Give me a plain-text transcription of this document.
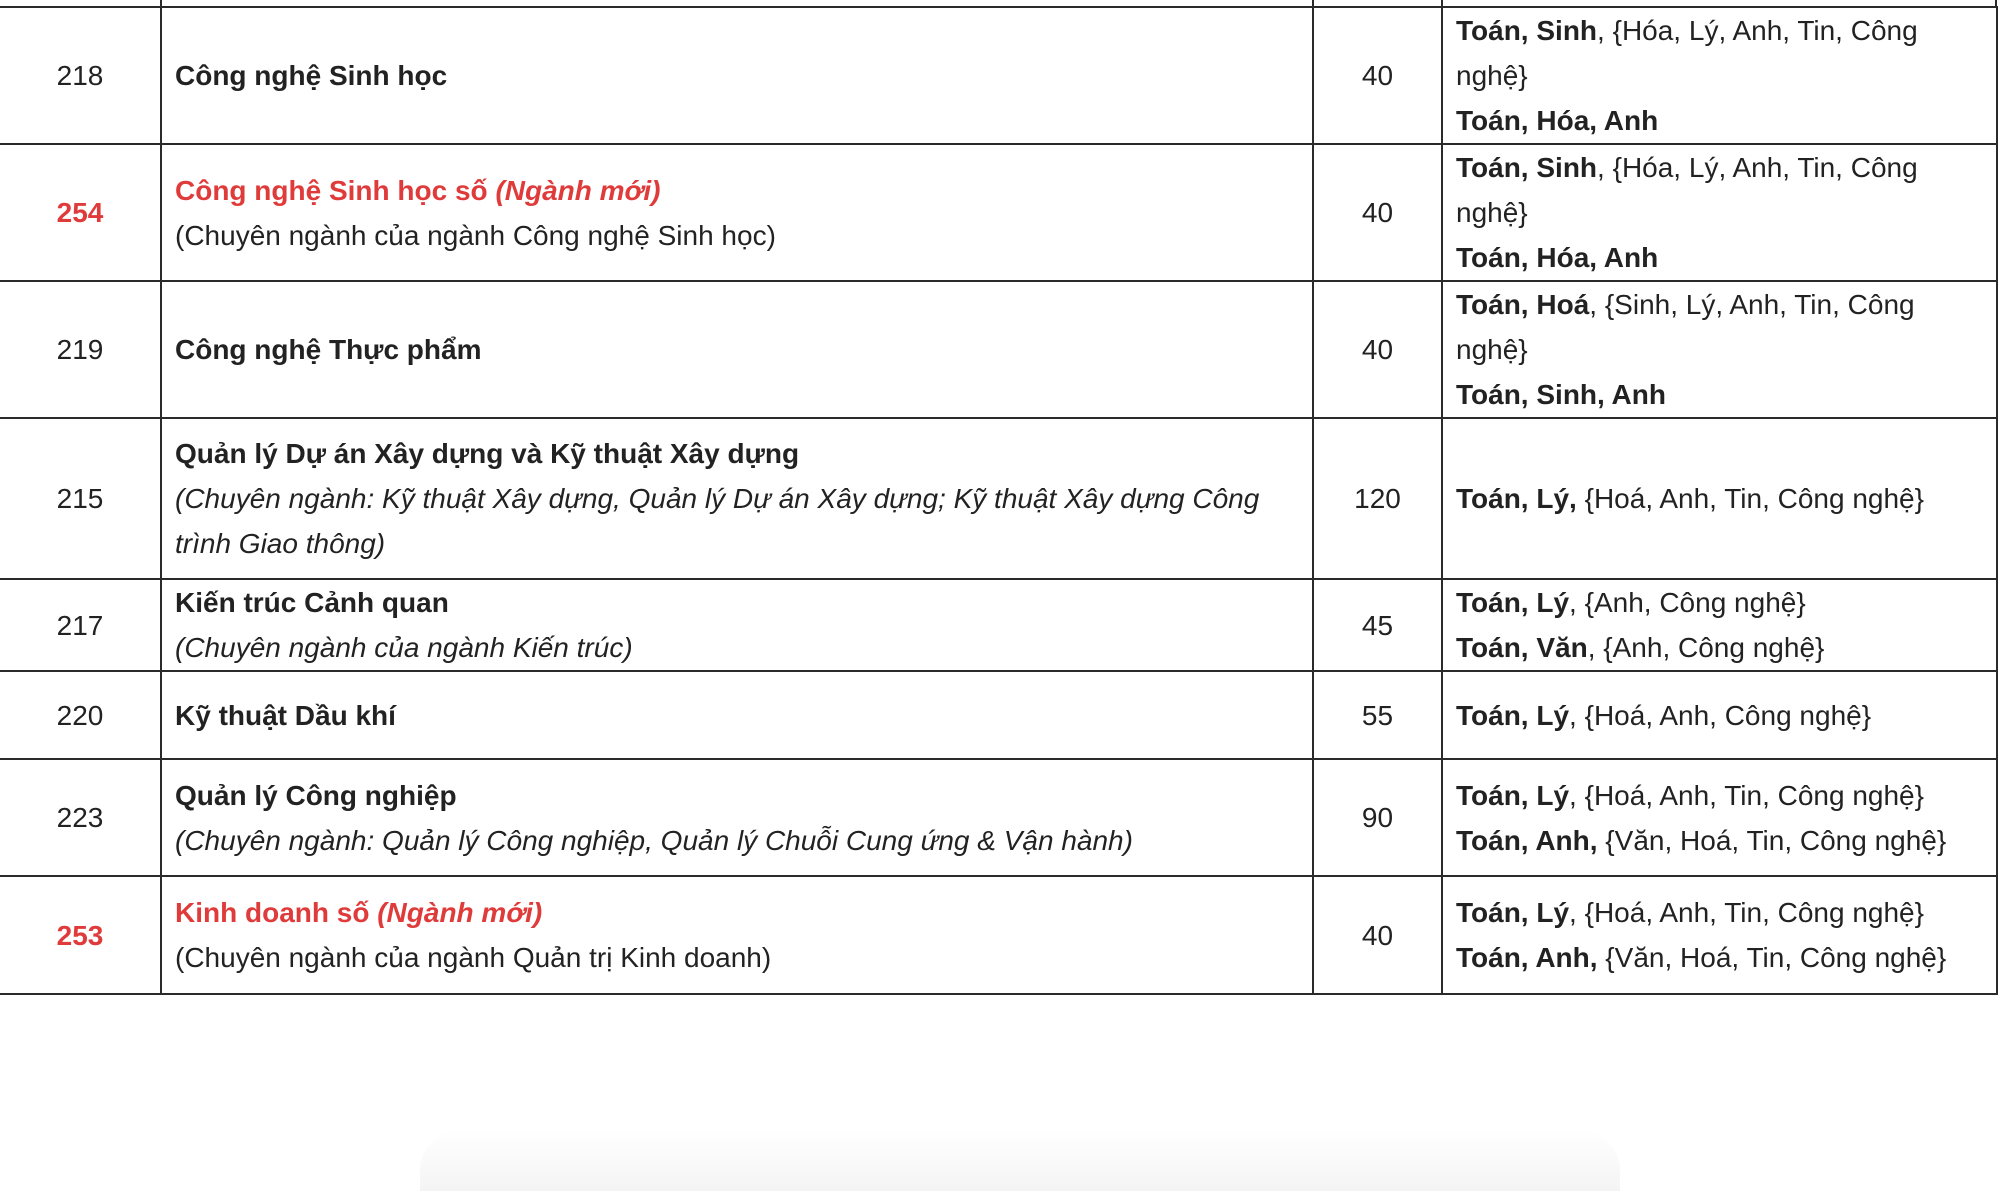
218	Công nghệ Sinh học	40	Toán, Sinh, {Hóa, Lý, Anh, Tin, Công nghệ}
Toán, Hóa, Anh

254	Công nghệ Sinh học số (Ngành mới)
(Chuyên ngành của ngành Công nghệ Sinh học)	40	Toán, Sinh, {Hóa, Lý, Anh, Tin, Công nghệ}
Toán, Hóa, Anh

219	Công nghệ Thực phẩm	40	Toán, Hoá, {Sinh, Lý, Anh, Tin, Công nghệ}
Toán, Sinh, Anh

215	Quản lý Dự án Xây dựng và Kỹ thuật Xây dựng
(Chuyên ngành: Kỹ thuật Xây dựng, Quản lý Dự án Xây dựng; Kỹ thuật Xây dựng Công trình Giao thông)	120	Toán, Lý, {Hoá, Anh, Tin, Công nghệ}

217	Kiến trúc Cảnh quan
(Chuyên ngành của ngành Kiến trúc)	45	Toán, Lý, {Anh, Công nghệ}
Toán, Văn, {Anh, Công nghệ}

220	Kỹ thuật Dầu khí	55	Toán, Lý, {Hoá, Anh, Công nghệ}

223	Quản lý Công nghiệp
(Chuyên ngành: Quản lý Công nghiệp, Quản lý Chuỗi Cung ứng & Vận hành)	90	Toán, Lý, {Hoá, Anh, Tin, Công nghệ}
Toán, Anh, {Văn, Hoá, Tin, Công nghệ}

253	Kinh doanh số (Ngành mới)
(Chuyên ngành của ngành Quản trị Kinh doanh)	40	Toán, Lý, {Hoá, Anh, Tin, Công nghệ}
Toán, Anh, {Văn, Hoá, Tin, Công nghệ}
